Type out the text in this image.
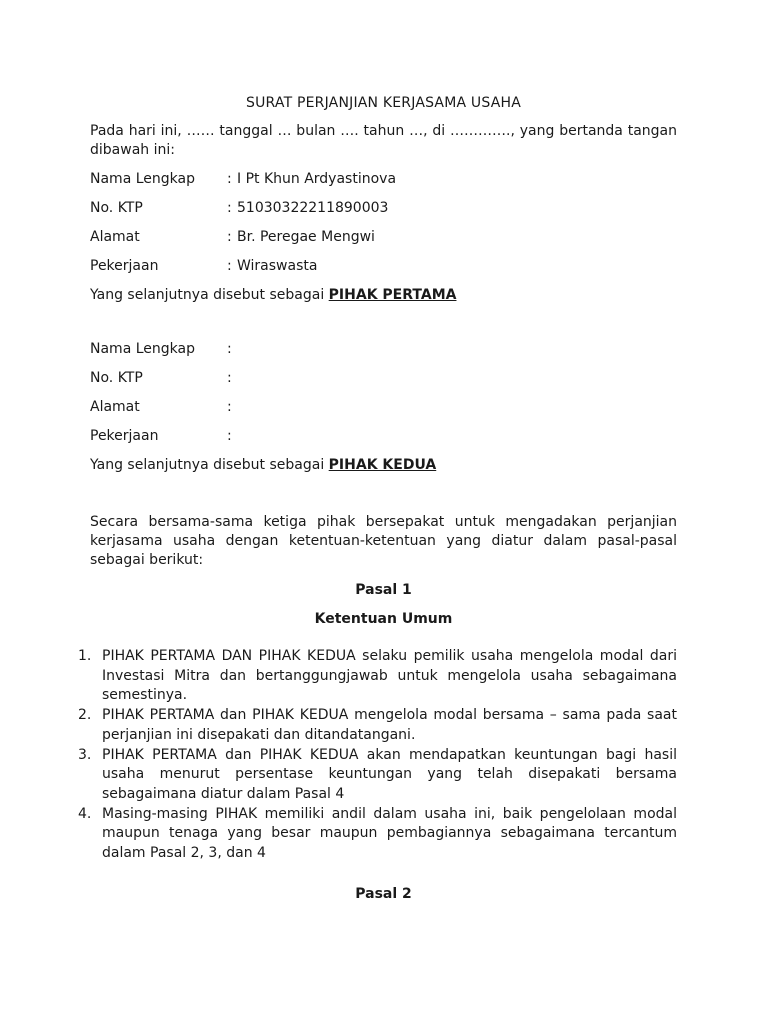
SURAT PERJANJIAN KERJASAMA USAHA

Pada hari ini, …… tanggal … bulan …. tahun …, di …………., yang bertanda tangan dibawah ini:

Nama Lengkap	: I Pt Khun Ardyastinova
No. KTP	: 51030322211890003
Alamat	: Br. Peregae Mengwi
Pekerjaan	: Wiraswasta

Yang selanjutnya disebut sebagai PIHAK PERTAMA

Nama Lengkap	:
No. KTP	:
Alamat	:
Pekerjaan	:

Yang selanjutnya disebut sebagai PIHAK KEDUA

Secara bersama-sama ketiga pihak bersepakat untuk mengadakan perjanjian kerjasama usaha dengan ketentuan-ketentuan yang diatur dalam pasal-pasal sebagai berikut:

Pasal 1

Ketentuan Umum

1. PIHAK PERTAMA DAN PIHAK KEDUA selaku pemilik usaha mengelola modal dari Investasi Mitra dan bertanggungjawab untuk mengelola usaha sebagaimana semestinya.
2. PIHAK PERTAMA dan PIHAK KEDUA mengelola modal bersama – sama pada saat perjanjian ini disepakati dan ditandatangani.
3. PIHAK PERTAMA dan PIHAK KEDUA akan mendapatkan keuntungan bagi hasil usaha menurut persentase keuntungan yang telah disepakati bersama sebagaimana diatur dalam Pasal 4
4. Masing-masing PIHAK memiliki andil dalam usaha ini, baik pengelolaan modal maupun tenaga yang besar maupun pembagiannya sebagaimana tercantum dalam Pasal 2, 3, dan 4

Pasal 2
